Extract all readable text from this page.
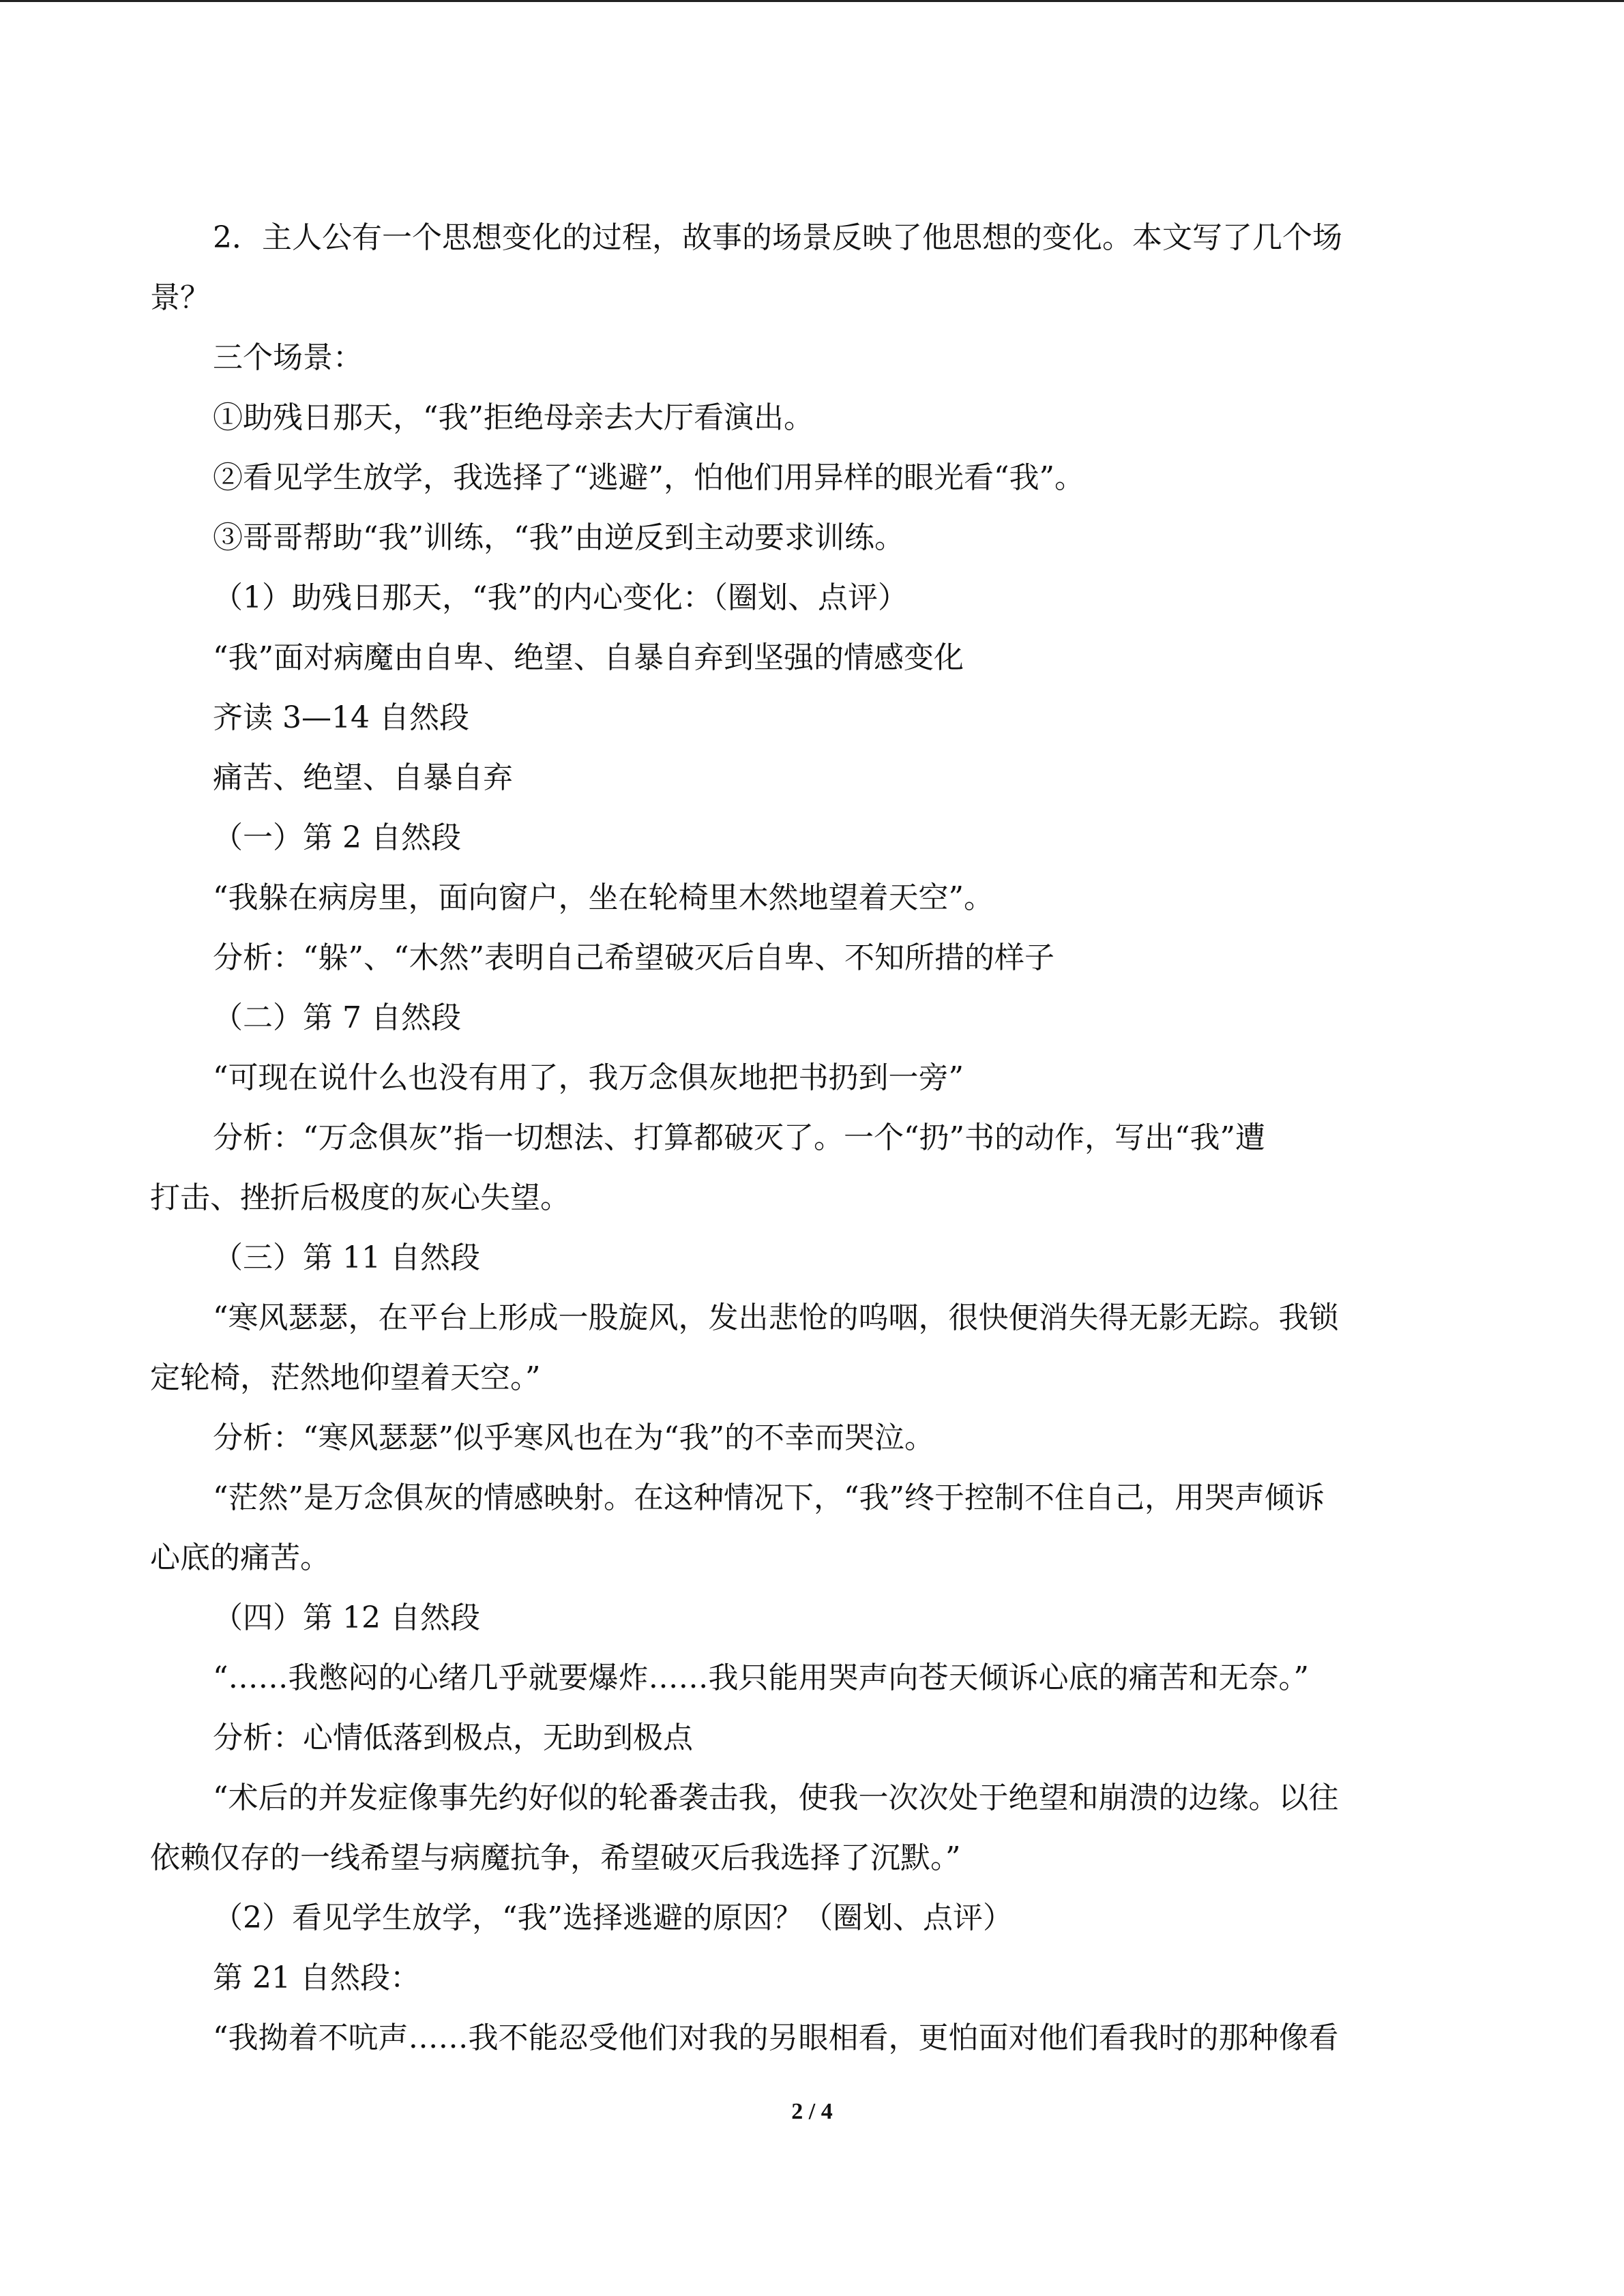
2．主人公有一个思想变化的过程，故事的场景反映了他思想的变化。本文写了几个场
景？
三个场景：
①助残日那天，“我”拒绝母亲去大厅看演出。
②看见学生放学，我选择了“逃避”，怕他们用异样的眼光看“我”。
③哥哥帮助“我”训练，“我”由逆反到主动要求训练。
（1）助残日那天，“我”的内心变化：（圈划、点评）
“我”面对病魔由自卑、绝望、自暴自弃到坚强的情感变化
齐读 3—14 自然段
痛苦、绝望、自暴自弃
（一）第 2 自然段
“我躲在病房里，面向窗户，坐在轮椅里木然地望着天空”。
分析：“躲”、“木然”表明自己希望破灭后自卑、不知所措的样子
（二）第 7 自然段
“可现在说什么也没有用了，我万念俱灰地把书扔到一旁”
分析：“万念俱灰”指一切想法、打算都破灭了。一个“扔”书的动作，写出“我”遭
打击、挫折后极度的灰心失望。
（三）第 11 自然段
“寒风瑟瑟，在平台上形成一股旋风，发出悲怆的呜咽，很快便消失得无影无踪。我锁
定轮椅，茫然地仰望着天空。”
分析：“寒风瑟瑟”似乎寒风也在为“我”的不幸而哭泣。
“茫然”是万念俱灰的情感映射。在这种情况下，“我”终于控制不住自己，用哭声倾诉
心底的痛苦。
（四）第 12 自然段
“……我憋闷的心绪几乎就要爆炸……我只能用哭声向苍天倾诉心底的痛苦和无奈。”
分析：心情低落到极点，无助到极点
“术后的并发症像事先约好似的轮番袭击我，使我一次次处于绝望和崩溃的边缘。以往
依赖仅存的一线希望与病魔抗争，希望破灭后我选择了沉默。”
（2）看见学生放学，“我”选择逃避的原因？（圈划、点评）
第 21 自然段：
“我拗着不吭声……我不能忍受他们对我的另眼相看，更怕面对他们看我时的那种像看
2 / 4
